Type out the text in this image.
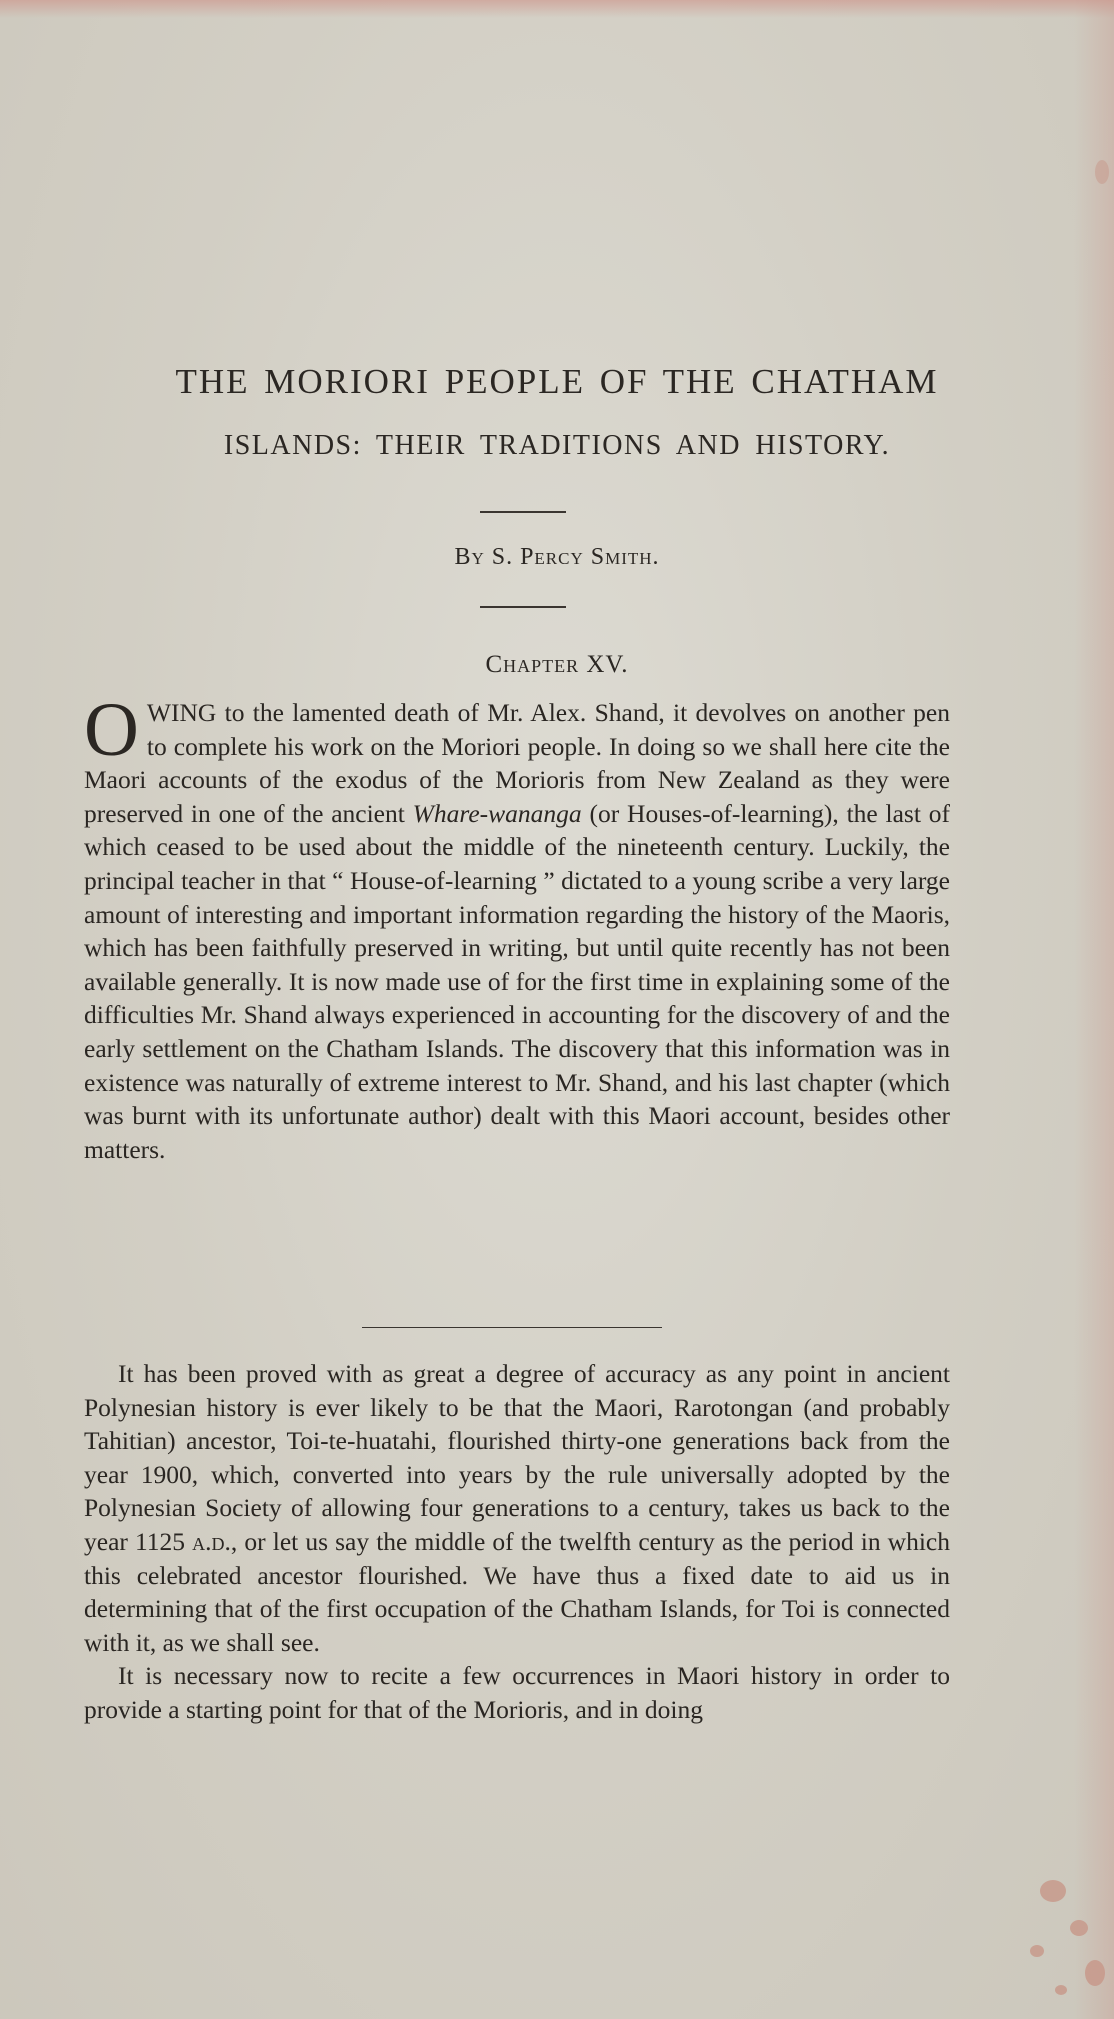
THE MORIORI PEOPLE OF THE CHATHAM
ISLANDS: THEIR TRADITIONS AND HISTORY.
By S. Percy Smith.
Chapter XV.

OWING to the lamented death of Mr. Alex. Shand, it devolves on another pen to complete his work on the Moriori people. In doing so we shall here cite the Maori accounts of the exodus of the Morioris from New Zealand as they were preserved in one of the ancient Whare-wananga (or Houses-of-learning), the last of which ceased to be used about the middle of the nineteenth century. Luckily, the principal teacher in that “ House-of-learning ” dictated to a young scribe a very large amount of interesting and important information regarding the history of the Maoris, which has been faithfully preserved in writing, but until quite recently has not been available generally. It is now made use of for the first time in explaining some of the difficulties Mr. Shand always experienced in accounting for the discovery of and the early settlement on the Chatham Islands. The discovery that this information was in existence was naturally of extreme interest to Mr. Shand, and his last chapter (which was burnt with its unfortunate author) dealt with this Maori account, besides other matters.

It has been proved with as great a degree of accuracy as any point in ancient Polynesian history is ever likely to be that the Maori, Rarotongan (and probably Tahitian) ancestor, Toi-te-huatahi, flourished thirty-one generations back from the year 1900, which, converted into years by the rule universally adopted by the Polynesian Society of allowing four generations to a century, takes us back to the year 1125 a.d., or let us say the middle of the twelfth century as the period in which this celebrated ancestor flourished. We have thus a fixed date to aid us in determining that of the first occupation of the Chatham Islands, for Toi is connected with it, as we shall see.

It is necessary now to recite a few occurrences in Maori history in order to provide a starting point for that of the Morioris, and in doing
